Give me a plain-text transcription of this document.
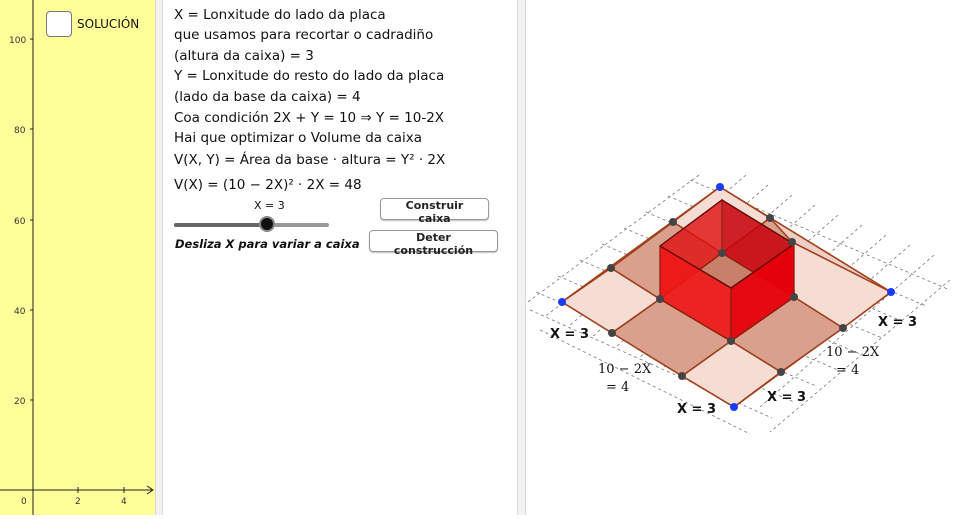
100
80
60
40
20
0	2	4
SOLUCIÓN
X = Lonxitude do lado da placa
que usamos para recortar o cadradiño
(altura da caixa) = 3
Y = Lonxitude do resto do lado da placa
(lado da base da caixa) = 4
Coa condición 2X + Y = 10 ⇒ Y = 10-2X
Hai que optimizar o Volume da caixa
V(X, Y) = Área da base · altura = Y² · 2X
V(X) = (10 − 2X)² · 2X = 48
X = 3
Desliza X para variar a caixa
Construir caixa
Deter construcción
X = 3
X = 3
X = 3
X = 3
10 − 2X
= 4
10 − 2X
= 4
